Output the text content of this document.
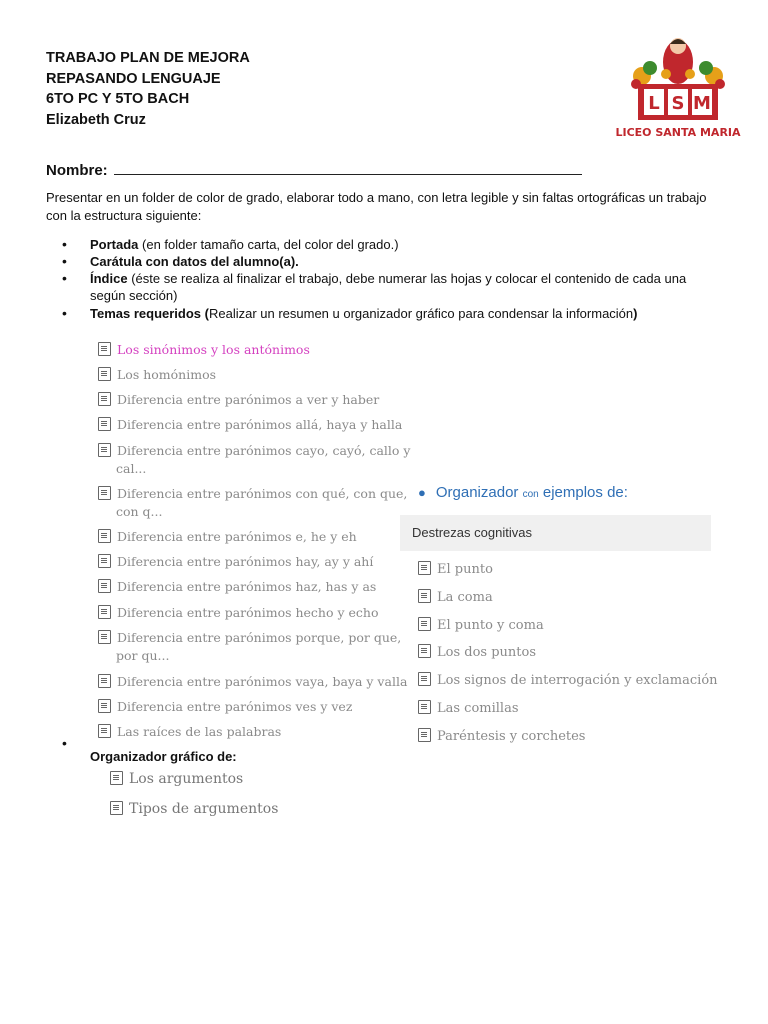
TRABAJO PLAN DE MEJORA
REPASANDO LENGUAJE
6TO PC Y 5TO BACH
Elizabeth Cruz
L S M
LICEO SANTA MARIA
Nombre:
Presentar en un folder de color de grado, elaborar todo a mano, con letra legible y sin faltas ortográficas un trabajo con la estructura siguiente:
• Portada (en folder tamaño carta, del color del grado.)
• Carátula con datos del alumno(a).
• Índice (éste se realiza al finalizar el trabajo, debe numerar las hojas y colocar el contenido de cada una según sección)
• Temas requeridos (Realizar un resumen u organizador gráfico para condensar la información)
Los sinónimos y los antónimos
Los homónimos
Diferencia entre parónimos a ver y haber
Diferencia entre parónimos allá, haya y halla
Diferencia entre parónimos cayo, cayó, callo y
cal...
Diferencia entre parónimos con qué, con que,
con q...
Diferencia entre parónimos e, he y eh
Diferencia entre parónimos hay, ay y ahí
Diferencia entre parónimos haz, has y as
Diferencia entre parónimos hecho y echo
Diferencia entre parónimos porque, por que,
por qu...
Diferencia entre parónimos vaya, baya y valla
Diferencia entre parónimos ves y vez
Las raíces de las palabras
•
Organizador gráfico de:
Los argumentos
Tipos de argumentos
● Organizador con ejemplos de:
Destrezas cognitivas
El punto
La coma
El punto y coma
Los dos puntos
Los signos de interrogación y exclamación
Las comillas
Paréntesis y corchetes
